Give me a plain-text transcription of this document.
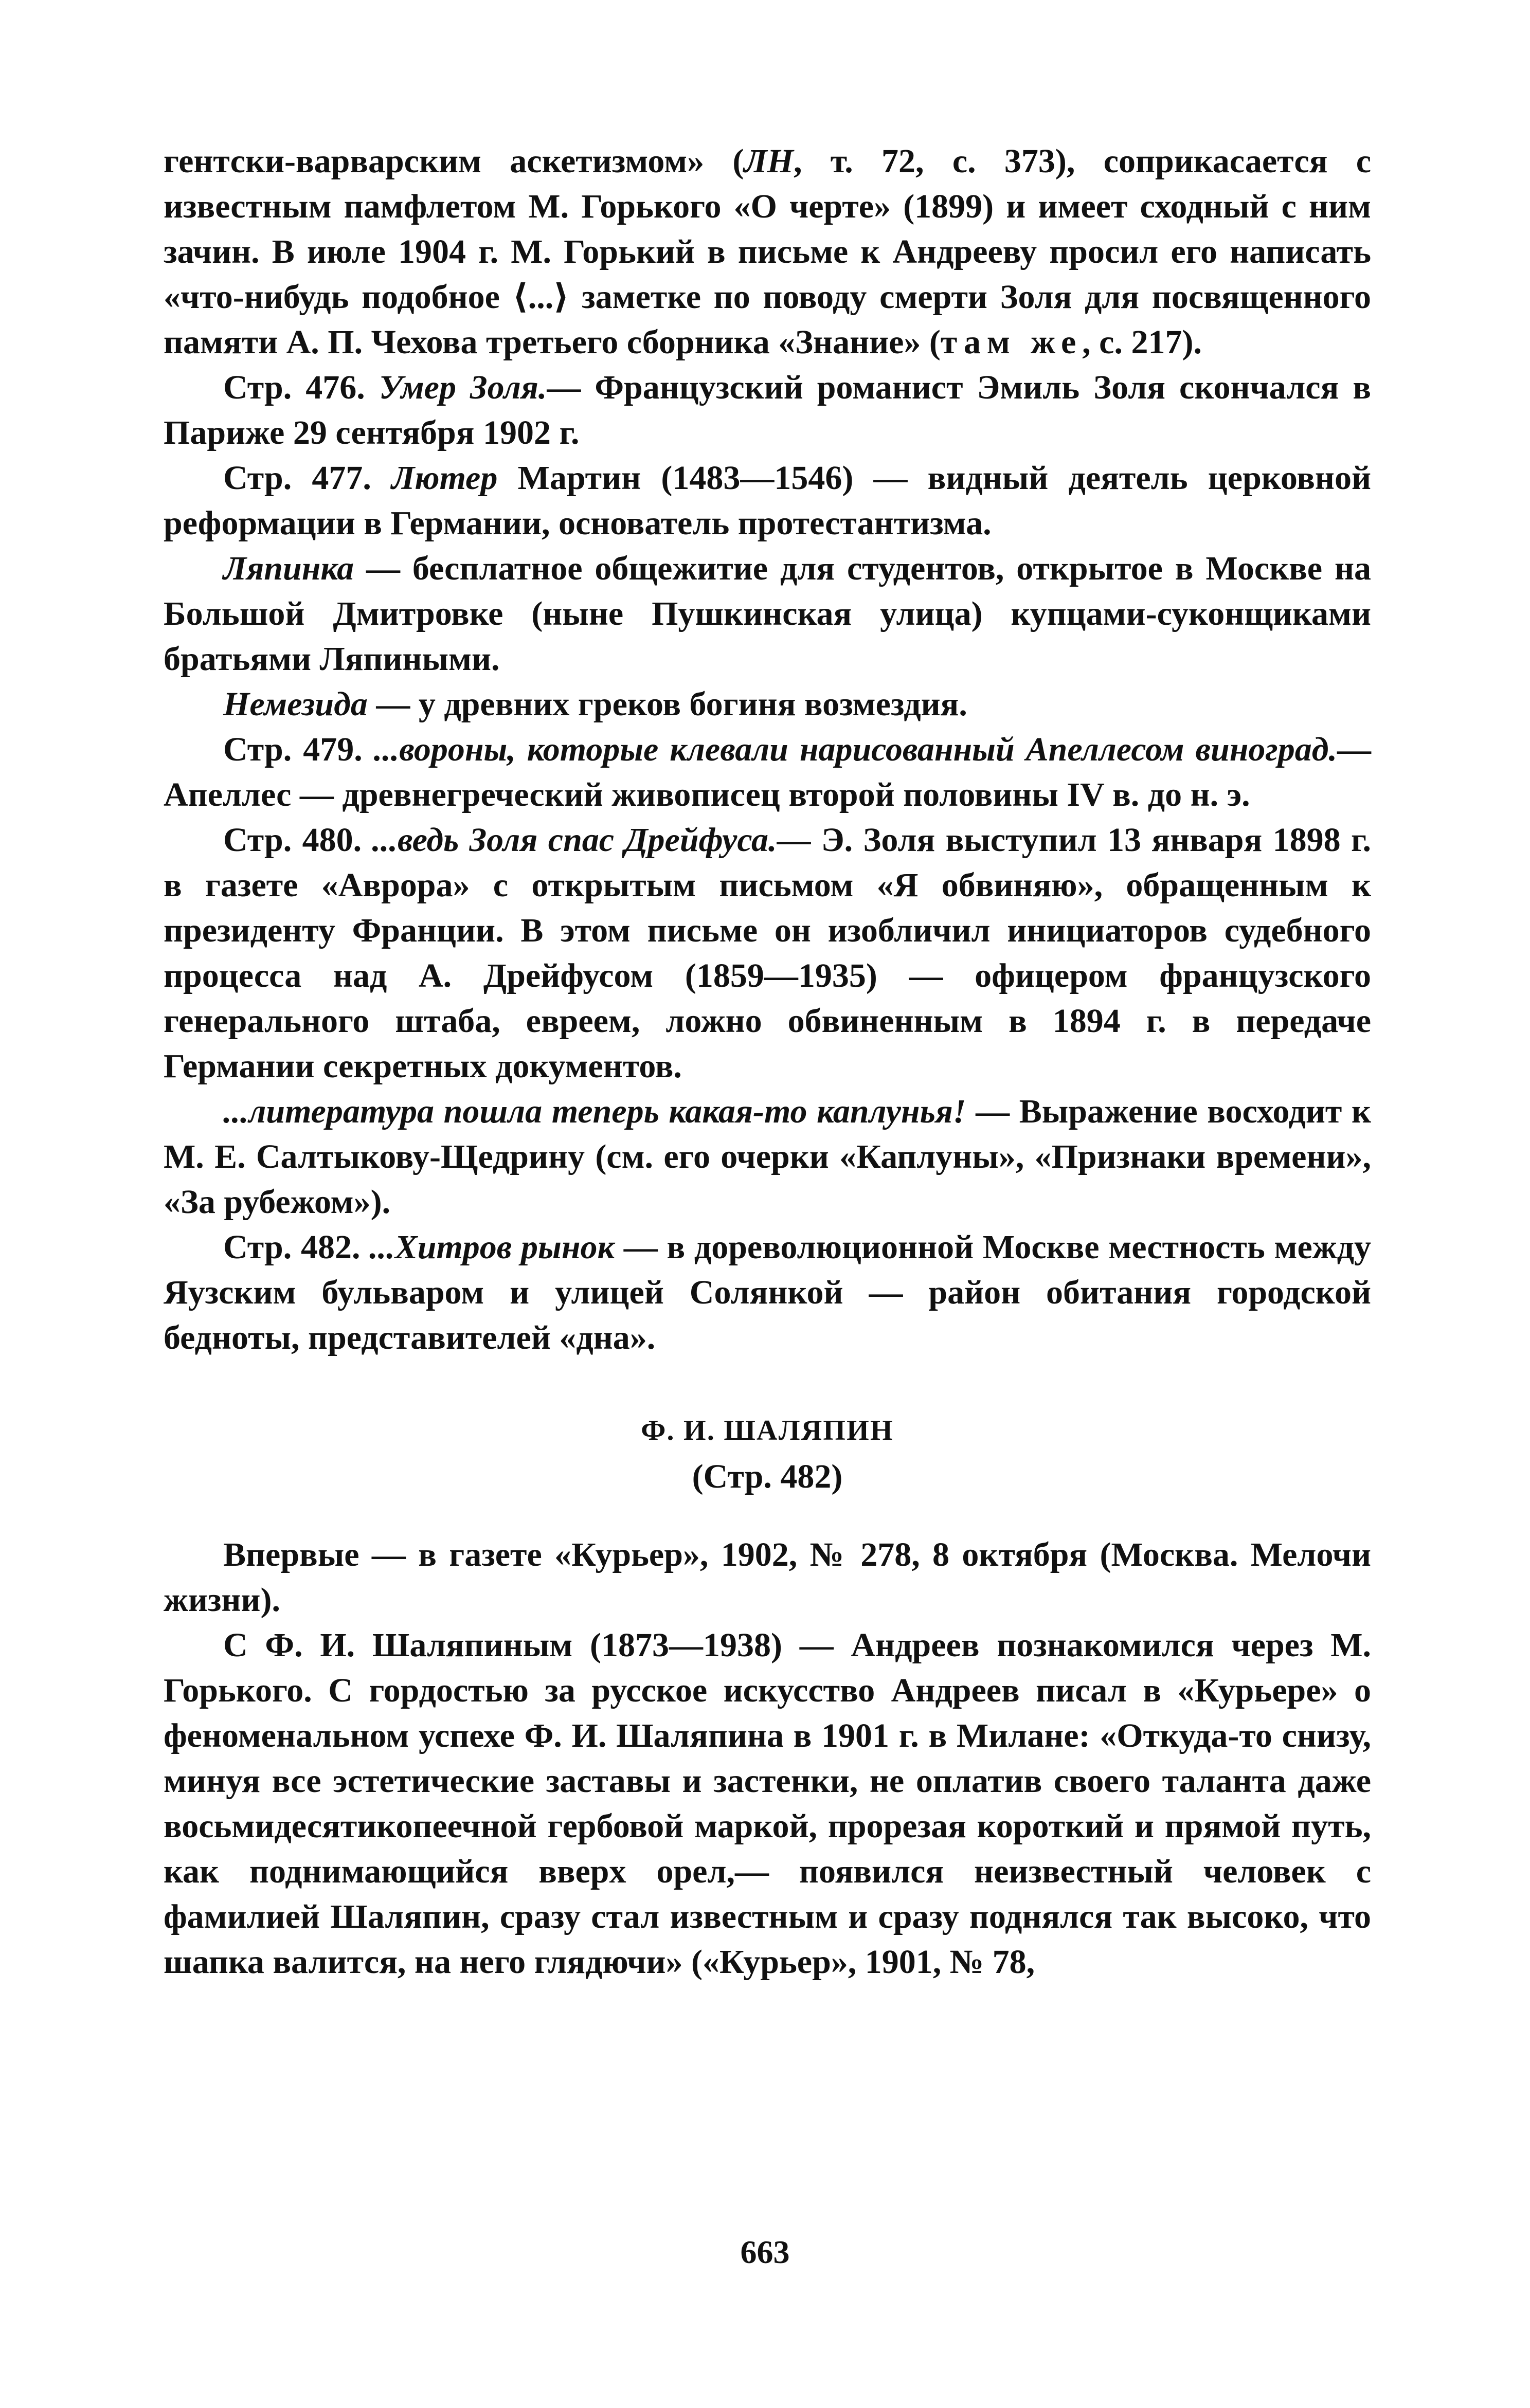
гентски-варварским аскетизмом» (ЛН, т. 72, с. 373), соприкасается с известным памфлетом М. Горького «О черте» (1899) и имеет сходный с ним зачин. В июле 1904 г. М. Горький в письме к Андрееву просил его написать «что-нибудь подобное ⟨...⟩ заметке по поводу смерти Золя для посвященного памяти А. П. Чехова третьего сборника «Знание» (там же, с. 217).

Стр. 476. Умер Золя.— Французский романист Эмиль Золя скончался в Париже 29 сентября 1902 г.

Стр. 477. Лютер Мартин (1483—1546) — видный деятель церковной реформации в Германии, основатель протестантизма.

Ляпинка — бесплатное общежитие для студентов, открытое в Москве на Большой Дмитровке (ныне Пушкинская улица) купцами-суконщиками братьями Ляпиными.

Немезида — у древних греков богиня возмездия.

Стр. 479. ...вороны, которые клевали нарисованный Апеллесом виноград.— Апеллес — древнегреческий живописец второй половины IV в. до н. э.

Стр. 480. ...ведь Золя спас Дрейфуса.— Э. Золя выступил 13 января 1898 г. в газете «Аврора» с открытым письмом «Я обвиняю», обращенным к президенту Франции. В этом письме он изобличил инициаторов судебного процесса над А. Дрейфусом (1859—1935) — офицером французского генерального штаба, евреем, ложно обвиненным в 1894 г. в передаче Германии секретных документов.

...литература пошла теперь какая-то каплунья! — Выражение восходит к М. Е. Салтыкову-Щедрину (см. его очерки «Каплуны», «Признаки времени», «За рубежом»).

Стр. 482. ...Хитров рынок — в дореволюционной Москве местность между Яузским бульваром и улицей Солянкой — район обитания городской бедноты, представителей «дна».

Ф. И. ШАЛЯПИН
(Стр. 482)

Впервые — в газете «Курьер», 1902, № 278, 8 октября (Москва. Мелочи жизни).

С Ф. И. Шаляпиным (1873—1938) — Андреев познакомился через М. Горького. С гордостью за русское искусство Андреев писал в «Курьере» о феноменальном успехе Ф. И. Шаляпина в 1901 г. в Милане: «Откуда-то снизу, минуя все эстетические заставы и застенки, не оплатив своего таланта даже восьмидесятикопеечной гербовой маркой, прорезая короткий и прямой путь, как поднимающийся вверх орел,— появился неизвестный человек с фамилией Шаляпин, сразу стал известным и сразу поднялся так высоко, что шапка валится, на него глядючи» («Курьер», 1901, № 78,

663
